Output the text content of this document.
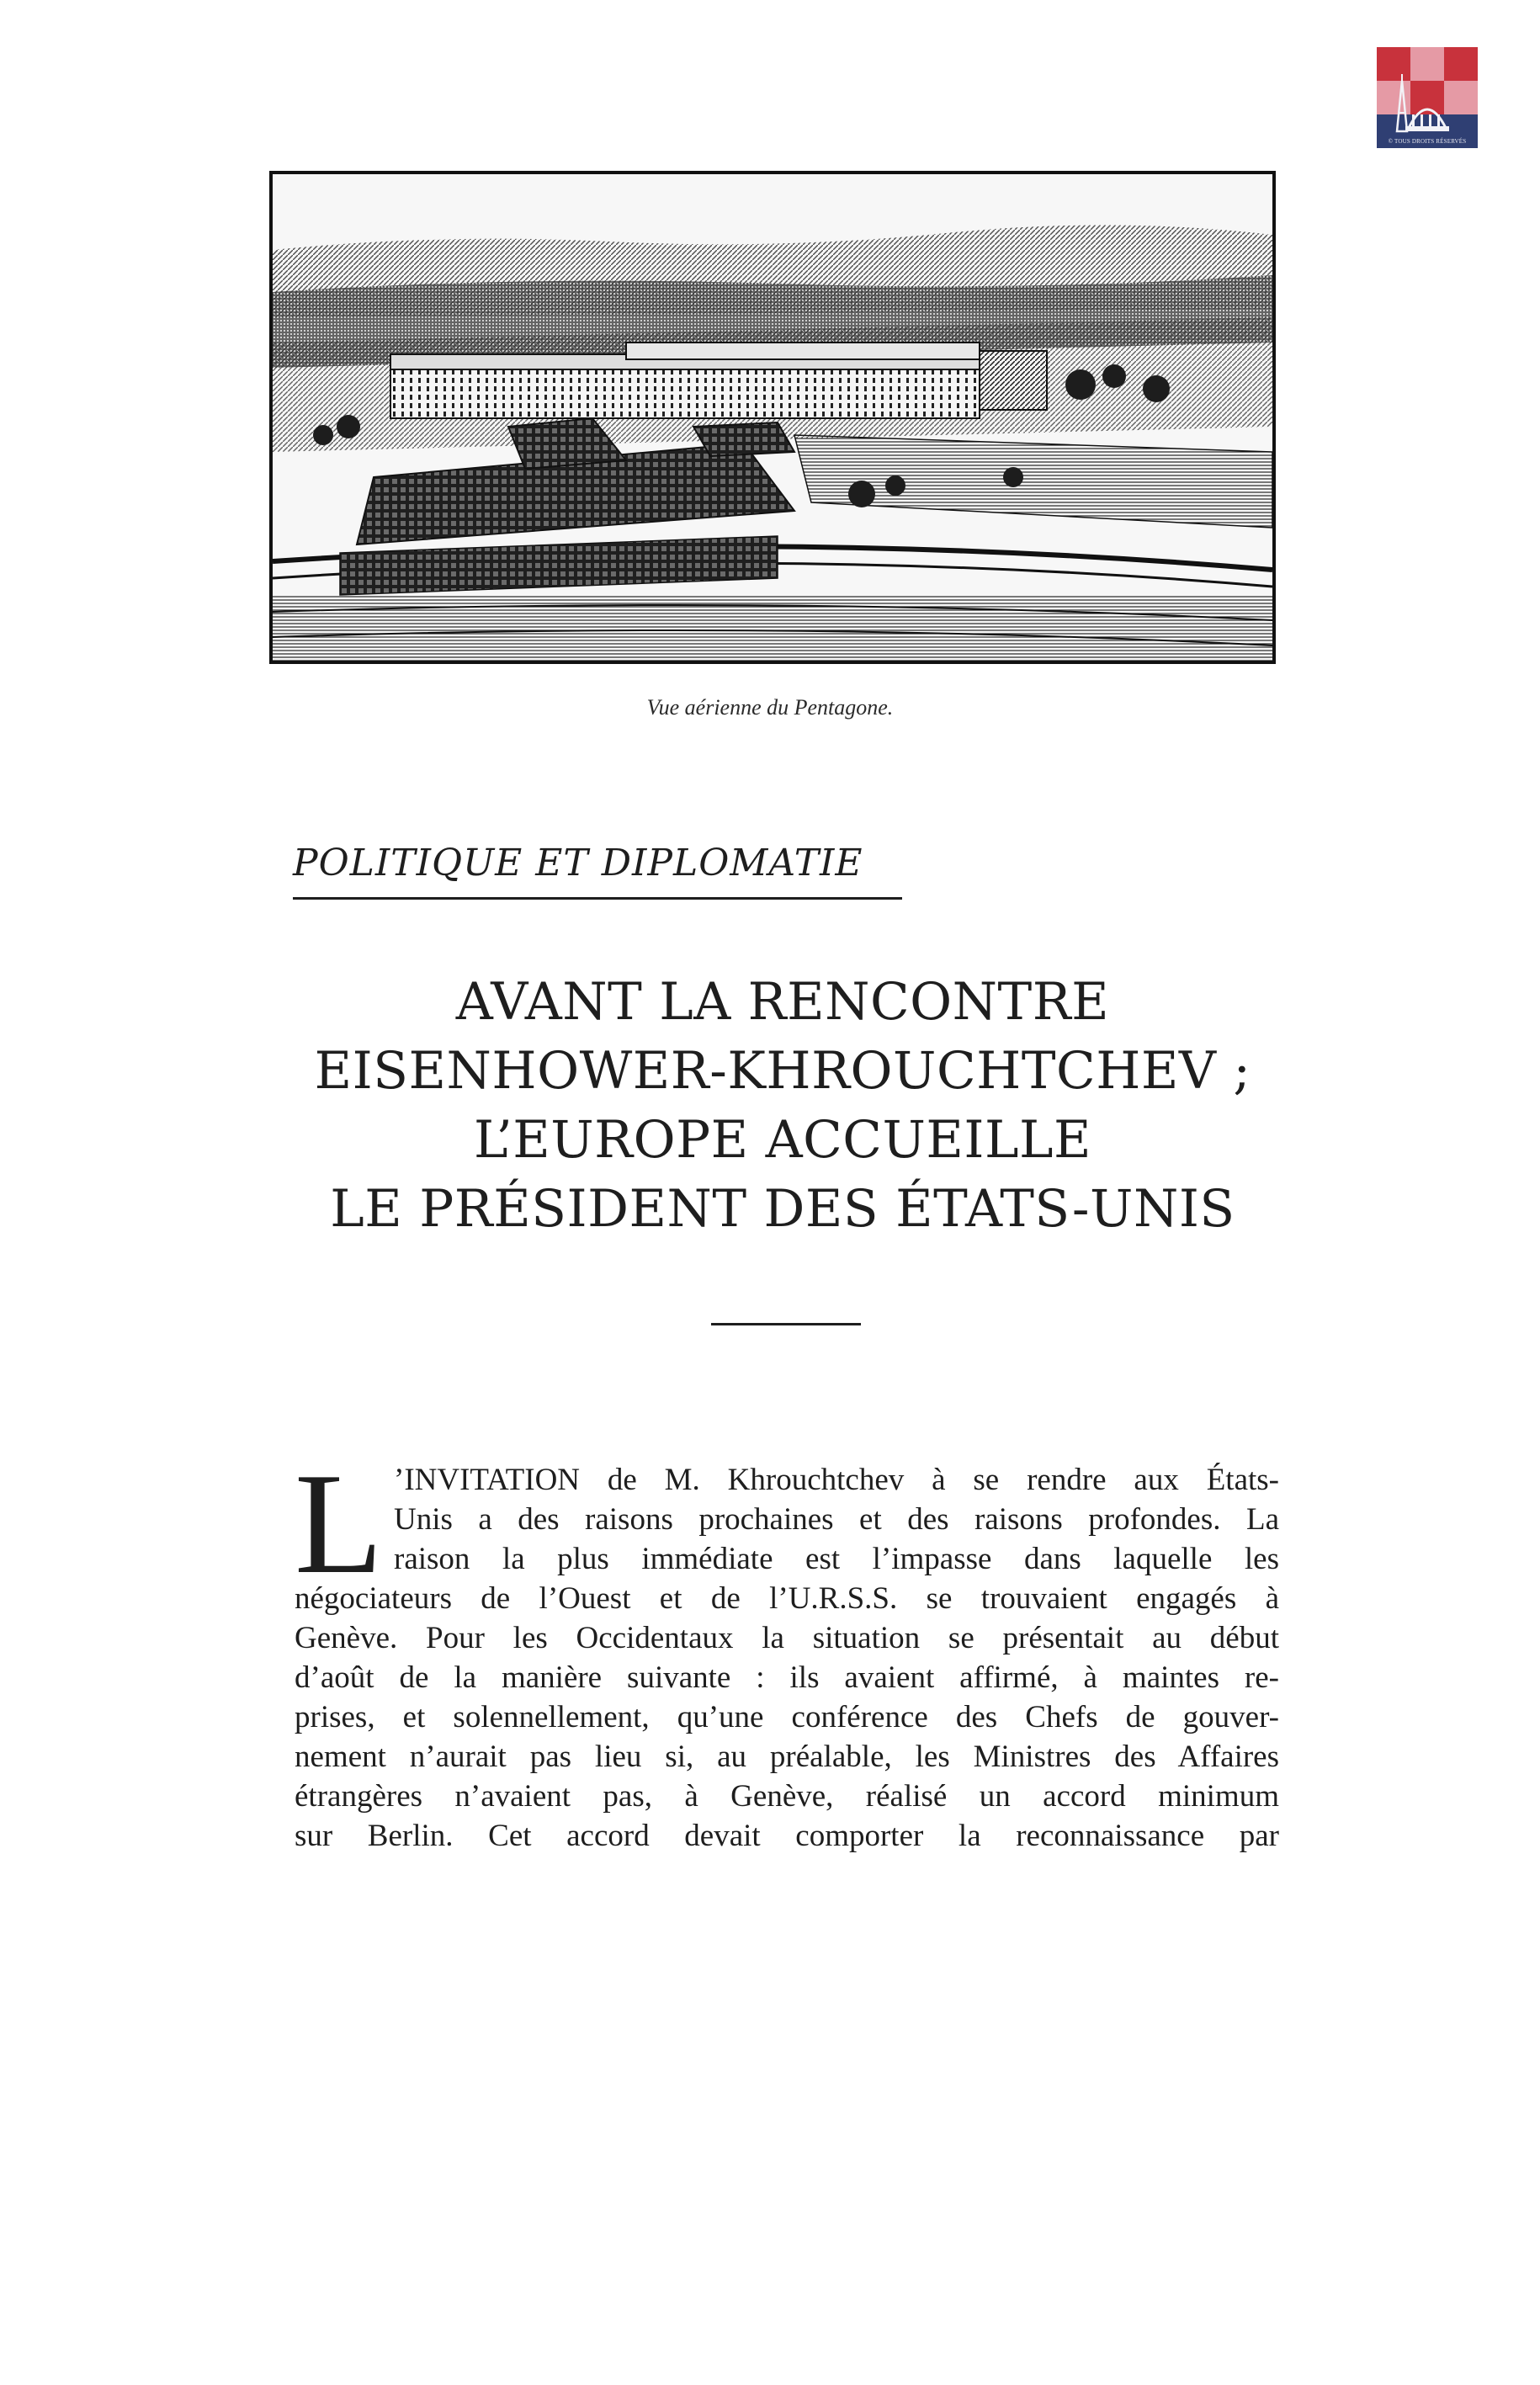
© TOUS DROITS RÉSERVÉS
Vue aérienne du Pentagone.
POLITIQUE ET DIPLOMATIE
AVANT LA RENCONTRE
EISENHOWER-KHROUCHTCHEV ;
L’EUROPE ACCUEILLE
LE PRÉSIDENT DES ÉTATS-UNIS
L ’INVITATION de M. Khrouchtchev à se rendre aux États-
Unis a des raisons prochaines et des raisons profondes. La
raison la plus immédiate est l’impasse dans laquelle les
négociateurs de l’Ouest et de l’U.R.S.S. se trouvaient engagés à
Genève. Pour les Occidentaux la situation se présentait au début
d’août de la manière suivante : ils avaient affirmé, à maintes re-
prises, et solennellement, qu’une conférence des Chefs de gouver-
nement n’aurait pas lieu si, au préalable, les Ministres des Affaires
étrangères n’avaient pas, à Genève, réalisé un accord minimum
sur Berlin. Cet accord devait comporter la reconnaissance par
